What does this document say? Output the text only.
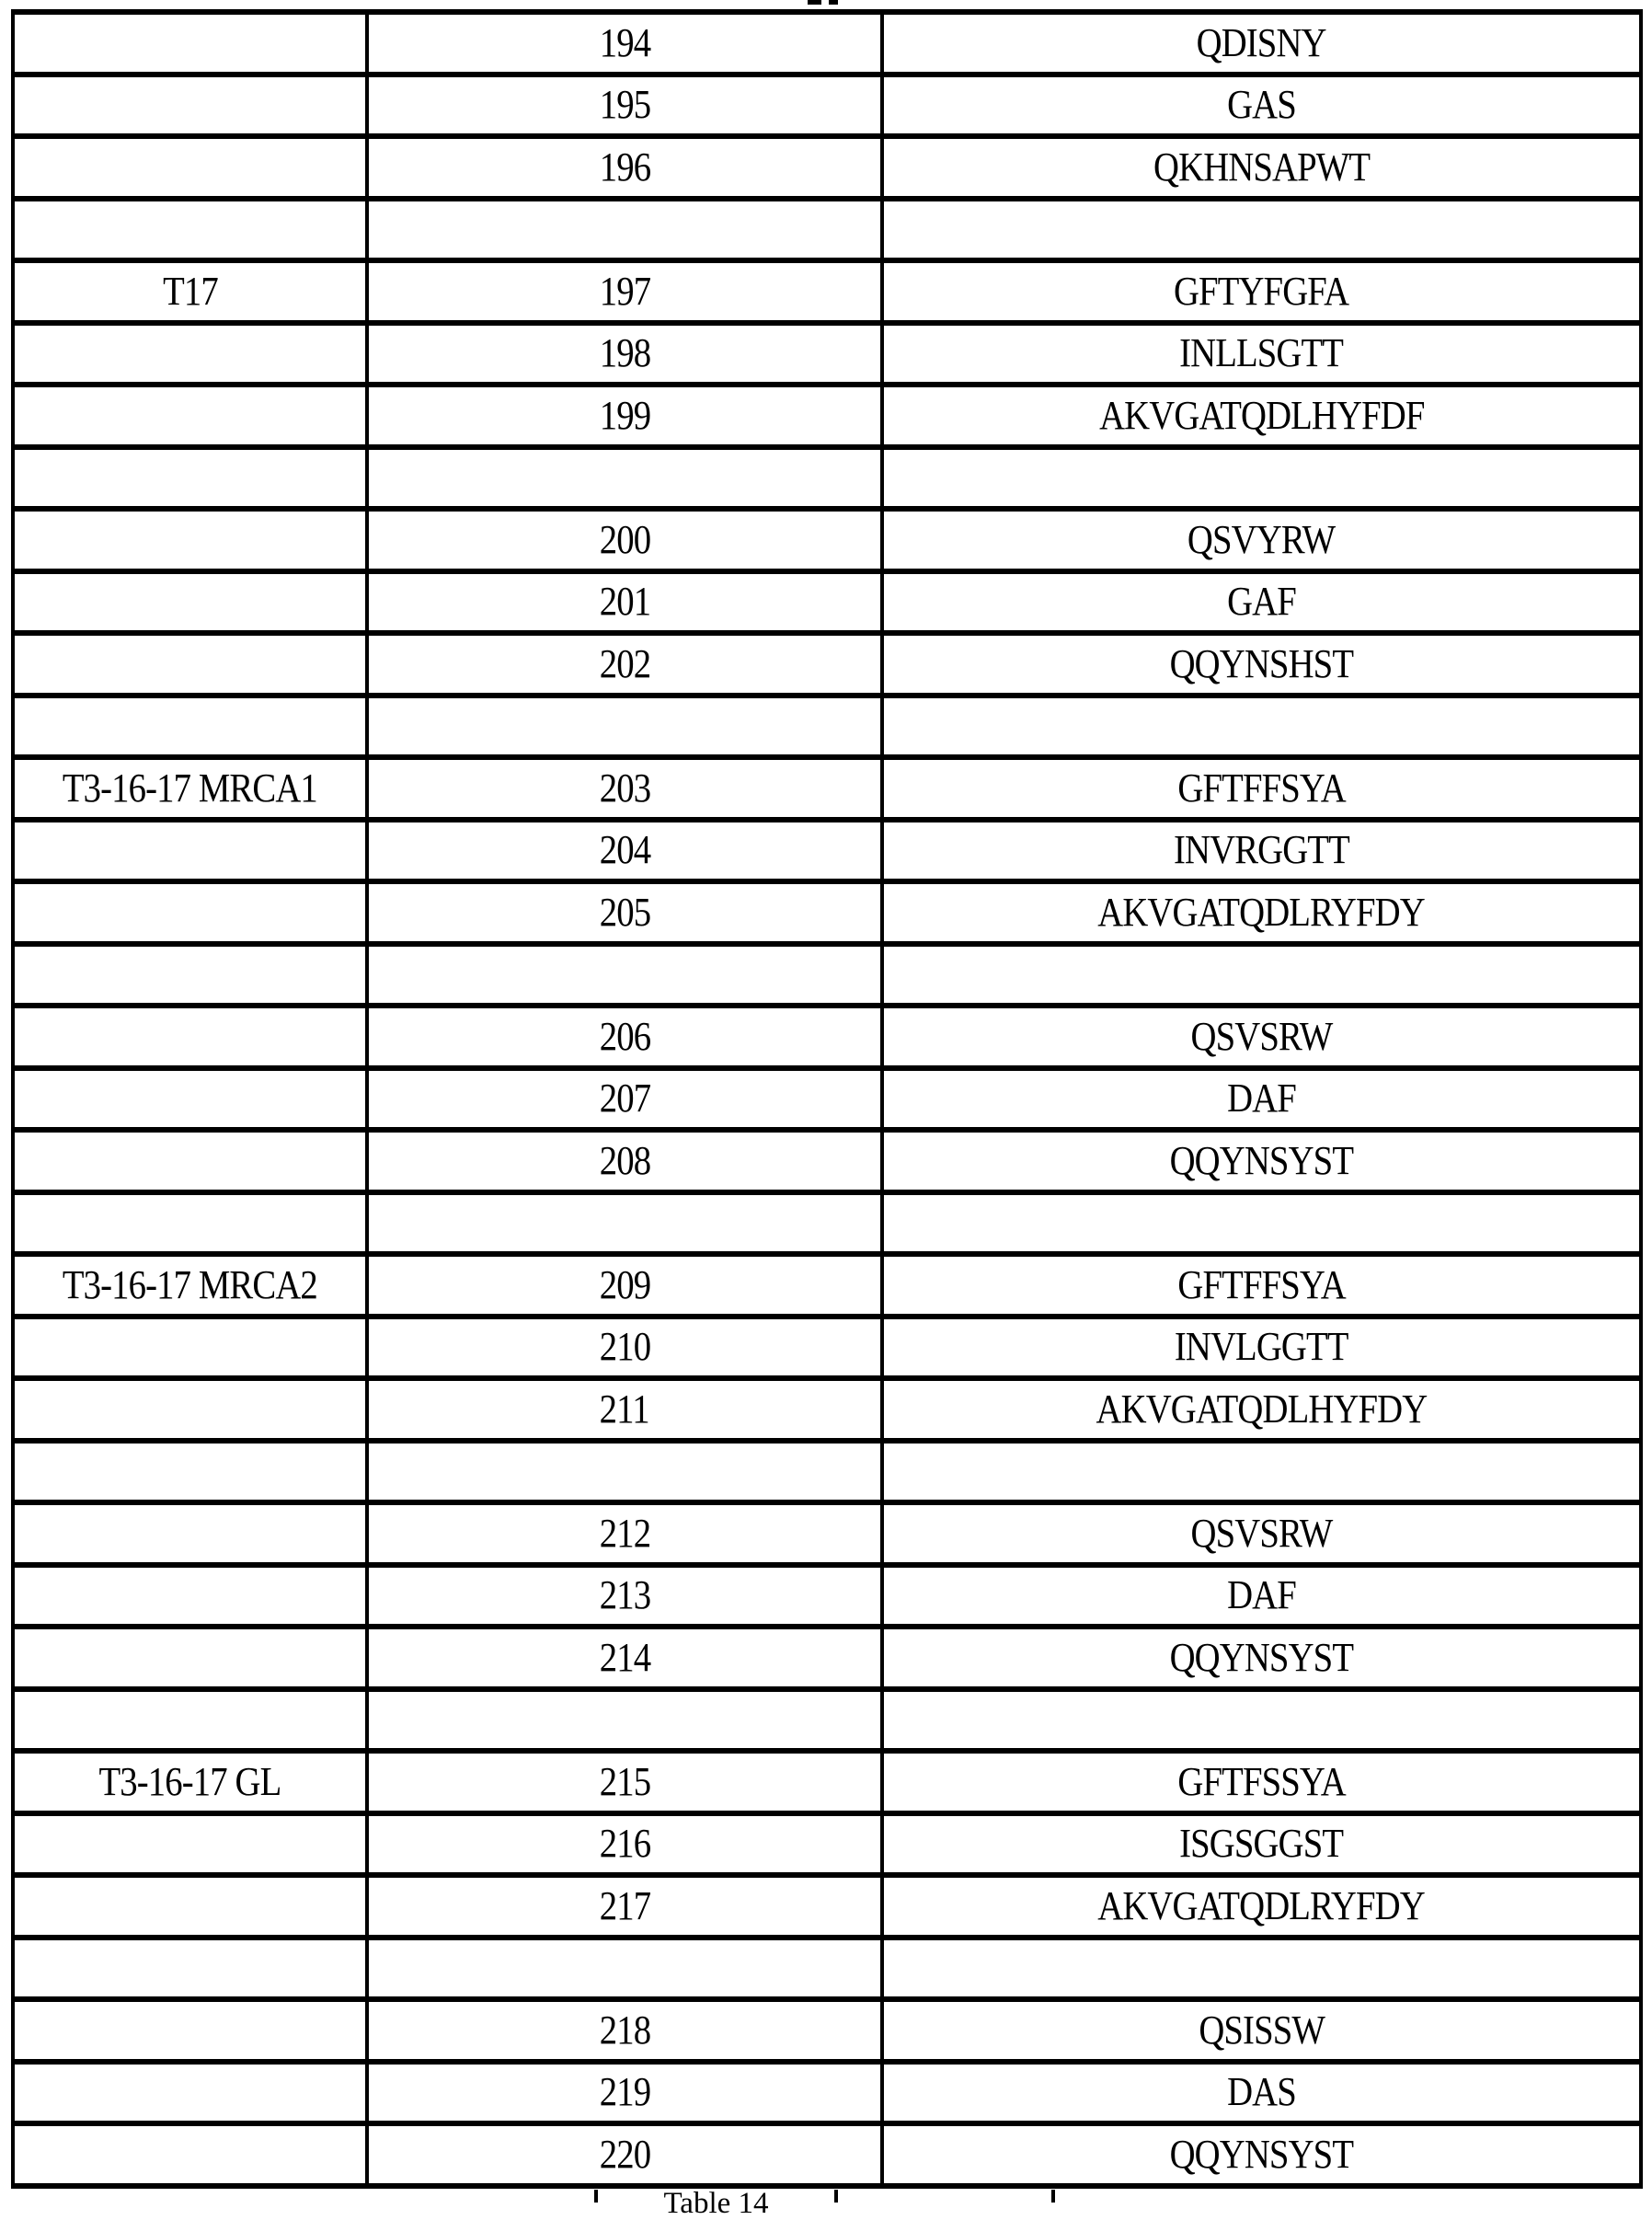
	194	QDISNY
	195	GAS
	196	QKHNSAPWT

T17	197	GFTYFGFA
	198	INLLSGTT
	199	AKVGATQDLHYFDF

	200	QSVYRW
	201	GAF
	202	QQYNSHST

T3-16-17 MRCA1	203	GFTFFSYA
	204	INVRGGTT
	205	AKVGATQDLRYFDY

	206	QSVSRW
	207	DAF
	208	QQYNSYST

T3-16-17 MRCA2	209	GFTFFSYA
	210	INVLGGTT
	211	AKVGATQDLHYFDY

	212	QSVSRW
	213	DAF
	214	QQYNSYST

T3-16-17 GL	215	GFTFSSYA
	216	ISGSGGST
	217	AKVGATQDLRYFDY

	218	QSISSW
	219	DAS
	220	QQYNSYST
Table 14
